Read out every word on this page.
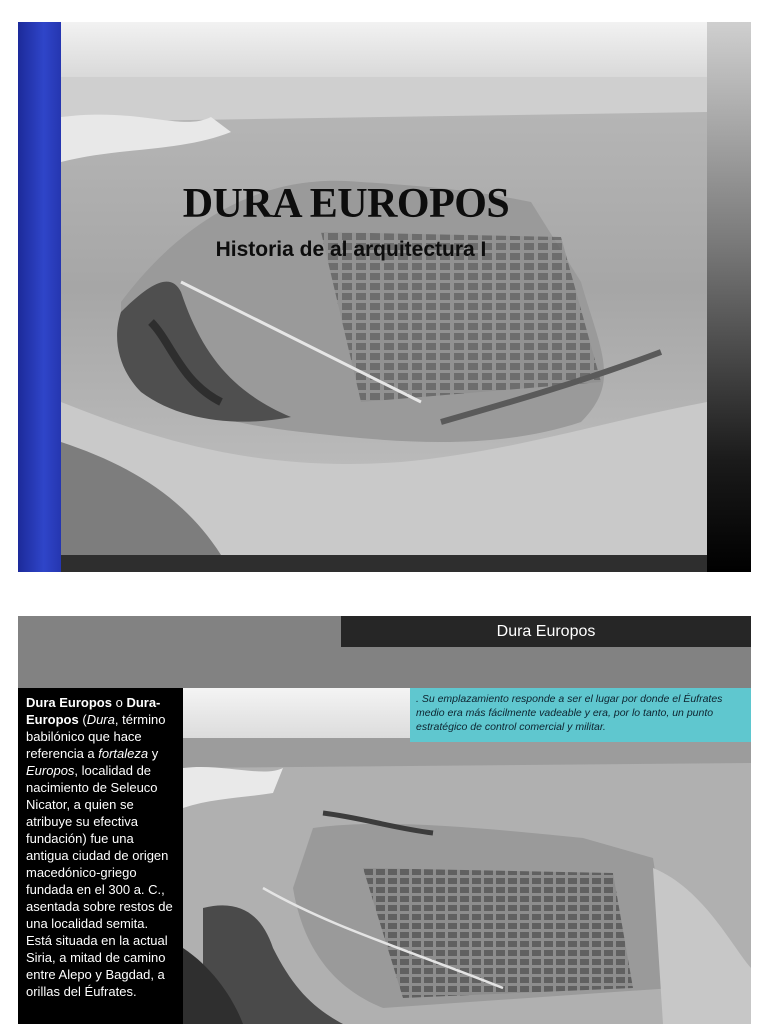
DURA EUROPOS
Historia de al arquitectura I
Dura Europos
Dura Europos o Dura-Europos (Dura, término babilónico que hace referencia a fortaleza y Europos, localidad de nacimiento de Seleuco Nicator, a quien se atribuye su efectiva fundación) fue una antigua ciudad de origen macedónico-griego fundada en el 300 a. C., asentada sobre restos de una localidad semita. Está situada en la actual Siria, a mitad de camino entre Alepo y Bagdad, a orillas del Éufrates.
. Su emplazamiento responde a ser el lugar por donde el Éufrates medio era más fácilmente vadeable y era, por lo tanto, un punto estratégico de control comercial y militar.
